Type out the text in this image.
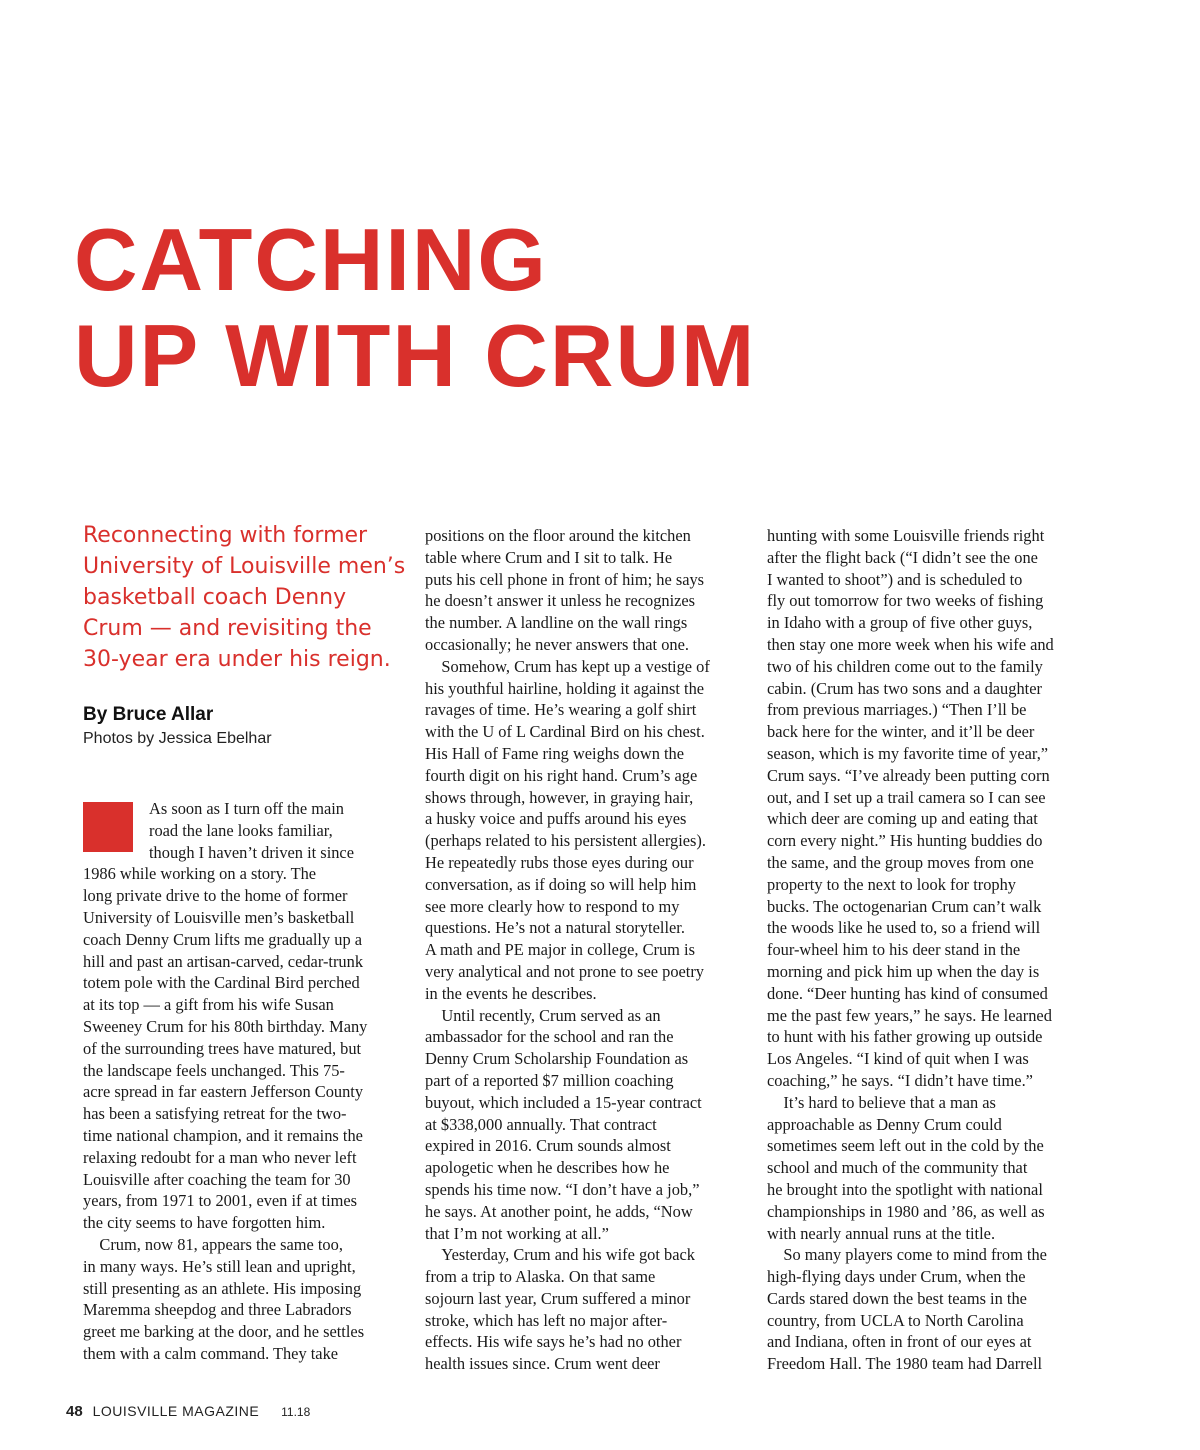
CATCHING
UP WITH CRUM

Reconnecting with former
University of Louisville men’s
basketball coach Denny
Crum — and revisiting the
30-year era under his reign.

By Bruce Allar

Photos by Jessica Ebelhar

As soon as I turn off the main
road the lane looks familiar,
though I haven’t driven it since
1986 while working on a story. The
long private drive to the home of former
University of Louisville men’s basketball
coach Denny Crum lifts me gradually up a
hill and past an artisan-carved, cedar-trunk
totem pole with the Cardinal Bird perched
at its top — a gift from his wife Susan
Sweeney Crum for his 80th birthday. Many
of the surrounding trees have matured, but
the landscape feels unchanged. This 75-
acre spread in far eastern Jefferson County
has been a satisfying retreat for the two-
time national champion, and it remains the
relaxing redoubt for a man who never left
Louisville after coaching the team for 30
years, from 1971 to 2001, even if at times
the city seems to have forgotten him.
 Crum, now 81, appears the same too,
in many ways. He’s still lean and upright,
still presenting as an athlete. His imposing
Maremma sheepdog and three Labradors
greet me barking at the door, and he settles
them with a calm command. They take
positions on the floor around the kitchen
table where Crum and I sit to talk. He
puts his cell phone in front of him; he says
he doesn’t answer it unless he recognizes
the number. A landline on the wall rings
occasionally; he never answers that one.
 Somehow, Crum has kept up a vestige of
his youthful hairline, holding it against the
ravages of time. He’s wearing a golf shirt
with the U of L Cardinal Bird on his chest.
His Hall of Fame ring weighs down the
fourth digit on his right hand. Crum’s age
shows through, however, in graying hair,
a husky voice and puffs around his eyes
(perhaps related to his persistent allergies).
He repeatedly rubs those eyes during our
conversation, as if doing so will help him
see more clearly how to respond to my
questions. He’s not a natural storyteller.
A math and PE major in college, Crum is
very analytical and not prone to see poetry
in the events he describes.
 Until recently, Crum served as an
ambassador for the school and ran the
Denny Crum Scholarship Foundation as
part of a reported $7 million coaching
buyout, which included a 15-year contract
at $338,000 annually. That contract
expired in 2016. Crum sounds almost
apologetic when he describes how he
spends his time now. “I don’t have a job,”
he says. At another point, he adds, “Now
that I’m not working at all.”
 Yesterday, Crum and his wife got back
from a trip to Alaska. On that same
sojourn last year, Crum suffered a minor
stroke, which has left no major after-
effects. His wife says he’s had no other
health issues since. Crum went deer
hunting with some Louisville friends right
after the flight back (“I didn’t see the one
I wanted to shoot”) and is scheduled to
fly out tomorrow for two weeks of fishing
in Idaho with a group of five other guys,
then stay one more week when his wife and
two of his children come out to the family
cabin. (Crum has two sons and a daughter
from previous marriages.) “Then I’ll be
back here for the winter, and it’ll be deer
season, which is my favorite time of year,”
Crum says. “I’ve already been putting corn
out, and I set up a trail camera so I can see
which deer are coming up and eating that
corn every night.” His hunting buddies do
the same, and the group moves from one
property to the next to look for trophy
bucks. The octogenarian Crum can’t walk
the woods like he used to, so a friend will
four-wheel him to his deer stand in the
morning and pick him up when the day is
done. “Deer hunting has kind of consumed
me the past few years,” he says. He learned
to hunt with his father growing up outside
Los Angeles. “I kind of quit when I was
coaching,” he says. “I didn’t have time.”
 It’s hard to believe that a man as
approachable as Denny Crum could
sometimes seem left out in the cold by the
school and much of the community that
he brought into the spotlight with national
championships in 1980 and ’86, as well as
with nearly annual runs at the title.
 So many players come to mind from the
high-flying days under Crum, when the
Cards stared down the best teams in the
country, from UCLA to North Carolina
and Indiana, often in front of our eyes at
Freedom Hall. The 1980 team had Darrell
48 LOUISVILLE MAGAZINE 11.18
